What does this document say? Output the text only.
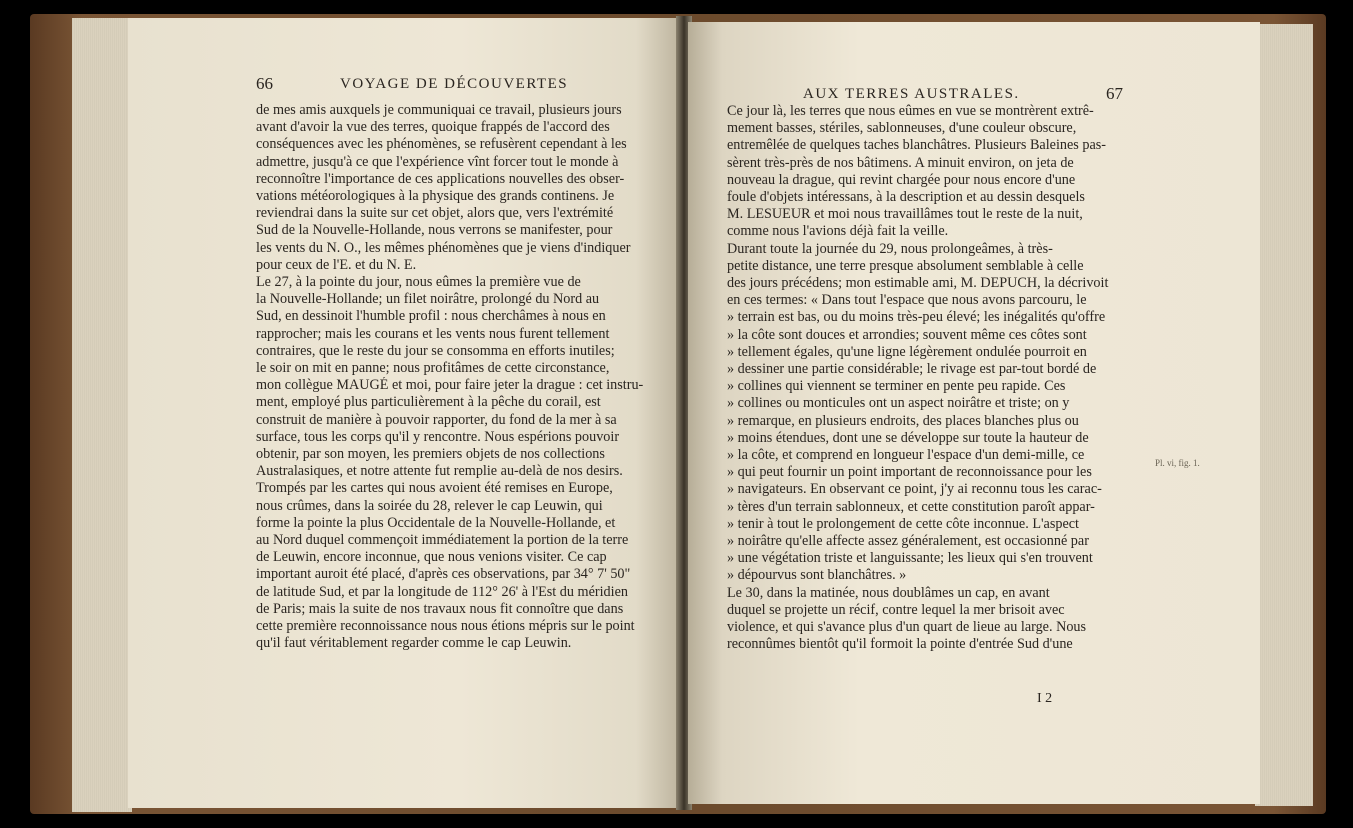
66	VOYAGE DE DÉCOUVERTES
de mes amis auxquels je communiquai ce travail, plusieurs jours
avant d'avoir la vue des terres, quoique frappés de l'accord des
conséquences avec les phénomènes, se refusèrent cependant à les
admettre, jusqu'à ce que l'expérience vînt forcer tout le monde à
reconnoître l'importance de ces applications nouvelles des obser-
vations météorologiques à la physique des grands continens. Je
reviendrai dans la suite sur cet objet, alors que, vers l'extrémité
Sud de la Nouvelle-Hollande, nous verrons se manifester, pour
les vents du N. O., les mêmes phénomènes que je viens d'indiquer
pour ceux de l'E. et du N. E.
Le 27, à la pointe du jour, nous eûmes la première vue de
la Nouvelle-Hollande; un filet noirâtre, prolongé du Nord au
Sud, en dessinoit l'humble profil : nous cherchâmes à nous en
rapprocher; mais les courans et les vents nous furent tellement
contraires, que le reste du jour se consomma en efforts inutiles;
le soir on mit en panne; nous profitâmes de cette circonstance,
mon collègue MAUGÉ et moi, pour faire jeter la drague : cet instru-
ment, employé plus particulièrement à la pêche du corail, est
construit de manière à pouvoir rapporter, du fond de la mer à sa
surface, tous les corps qu'il y rencontre. Nous espérions pouvoir
obtenir, par son moyen, les premiers objets de nos collections
Australasiques, et notre attente fut remplie au-delà de nos desirs.
Trompés par les cartes qui nous avoient été remises en Europe,
nous crûmes, dans la soirée du 28, relever le cap Leuwin, qui
forme la pointe la plus Occidentale de la Nouvelle-Hollande, et
au Nord duquel commençoit immédiatement la portion de la terre
de Leuwin, encore inconnue, que nous venions visiter. Ce cap
important auroit été placé, d'après ces observations, par 34° 7' 50"
de latitude Sud, et par la longitude de 112° 26' à l'Est du méridien
de Paris; mais la suite de nos travaux nous fit connoître que dans
cette première reconnoissance nous nous étions mépris sur le point
qu'il faut véritablement regarder comme le cap Leuwin.
AUX TERRES AUSTRALES.	67
Ce jour là, les terres que nous eûmes en vue se montrèrent extrê-
mement basses, stériles, sablonneuses, d'une couleur obscure,
entremêlée de quelques taches blanchâtres. Plusieurs Baleines pas-
sèrent très-près de nos bâtimens. A minuit environ, on jeta de
nouveau la drague, qui revint chargée pour nous encore d'une
foule d'objets intéressans, à la description et au dessin desquels
M. LESUEUR et moi nous travaillâmes tout le reste de la nuit,
comme nous l'avions déjà fait la veille.
Durant toute la journée du 29, nous prolongeâmes, à très-
petite distance, une terre presque absolument semblable à celle
des jours précédens; mon estimable ami, M. DEPUCH, la décrivoit
en ces termes: « Dans tout l'espace que nous avons parcouru, le
» terrain est bas, ou du moins très-peu élevé; les inégalités qu'offre
» la côte sont douces et arrondies; souvent même ces côtes sont
» tellement égales, qu'une ligne légèrement ondulée pourroit en
» dessiner une partie considérable; le rivage est par-tout bordé de
» collines qui viennent se terminer en pente peu rapide. Ces
» collines ou monticules ont un aspect noirâtre et triste; on y
» remarque, en plusieurs endroits, des places blanches plus ou
» moins étendues, dont une se développe sur toute la hauteur de
» la côte, et comprend en longueur l'espace d'un demi-mille, ce
» qui peut fournir un point important de reconnoissance pour les
» navigateurs. En observant ce point, j'y ai reconnu tous les carac-
» tères d'un terrain sablonneux, et cette constitution paroît appar-
» tenir à tout le prolongement de cette côte inconnue. L'aspect
» noirâtre qu'elle affecte assez généralement, est occasionné par
» une végétation triste et languissante; les lieux qui s'en trouvent
» dépourvus sont blanchâtres. »
Le 30, dans la matinée, nous doublâmes un cap, en avant
duquel se projette un récif, contre lequel la mer brisoit avec
violence, et qui s'avance plus d'un quart de lieue au large. Nous
reconnûmes bientôt qu'il formoit la pointe d'entrée Sud d'une
Pl. vi, fig. 1.
I 2
